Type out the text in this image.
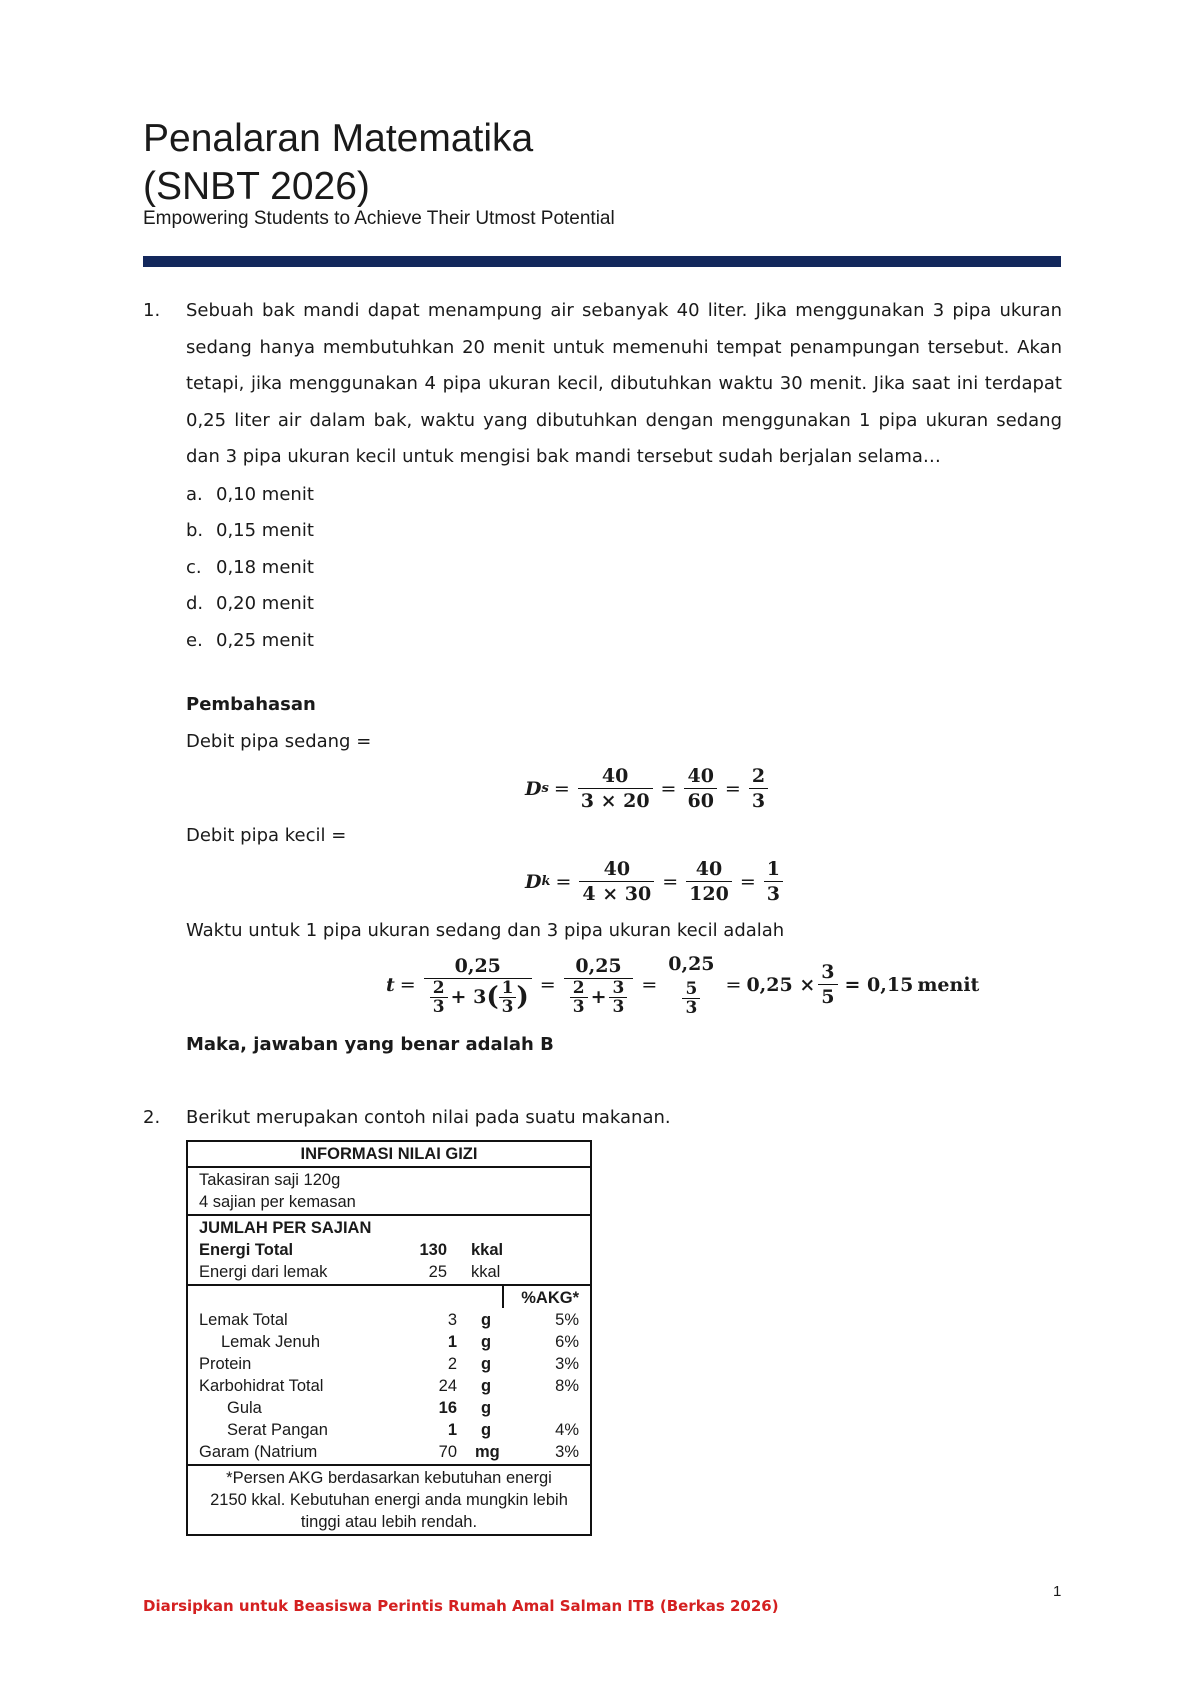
Penalaran Matematika
(SNBT 2026)
Empowering Students to Achieve Their Utmost Potential
1. Sebuah bak mandi dapat menampung air sebanyak 40 liter. Jika menggunakan 3 pipa ukuran sedang hanya membutuhkan 20 menit untuk memenuhi tempat penampungan tersebut. Akan tetapi, jika menggunakan 4 pipa ukuran kecil, dibutuhkan waktu 30 menit. Jika saat ini terdapat 0,25 liter air dalam bak, waktu yang dibutuhkan dengan menggunakan 1 pipa ukuran sedang dan 3 pipa ukuran kecil untuk mengisi bak mandi tersebut sudah berjalan selama…
a. 0,10 menit
b. 0,15 menit
c. 0,18 menit
d. 0,20 menit
e. 0,25 menit
Pembahasan
Debit pipa sedang =
D $s = \frac{40}{3 \times 20} = \frac{40}{60} = \frac{2}{3}$
Debit pipa kecil =
D $k = \frac{40}{4 \times 30} = \frac{40}{120} = \frac{1}{3}$
Waktu untuk 1 pipa ukuran sedang dan 3 pipa ukuran kecil adalah
t = 0,25
$\frac{2}{3}$ +
3 ( $\frac{1}{3}$ ) = $\frac{0,25}{\frac{2}{3} + \frac{3}{3}}$ =
0,25
$\frac{5}{3} = 0,25 \times \frac{3}{5} = 0,15$ menit
Maka, jawaban yang benar adalah B
2. Berikut merupakan contoh nilai pada suatu makanan.
INFORMASI NILAI GIZI
Takasiran saji 120g
4 sajian per kemasan
JUMLAH PER SAJIAN
Energi Total	130 kkal
Energi dari lemak	25 kkal
%AKG*
Lemak Total	3 g	5%
Lemak Jenuh	1 g	6%
Protein	2 g	3%
Karbohidrat Total	24 g	8%
Gula	16 g
Serat Pangan	1 g	4%
Garam (Natrium	70 mg	3%
*Persen AKG berdasarkan kebutuhan energi 2150 kkal. Kebutuhan energi anda mungkin lebih tinggi atau lebih rendah.
1
Diarsipkan untuk Beasiswa Perintis Rumah Amal Salman ITB (Berkas 2026)
